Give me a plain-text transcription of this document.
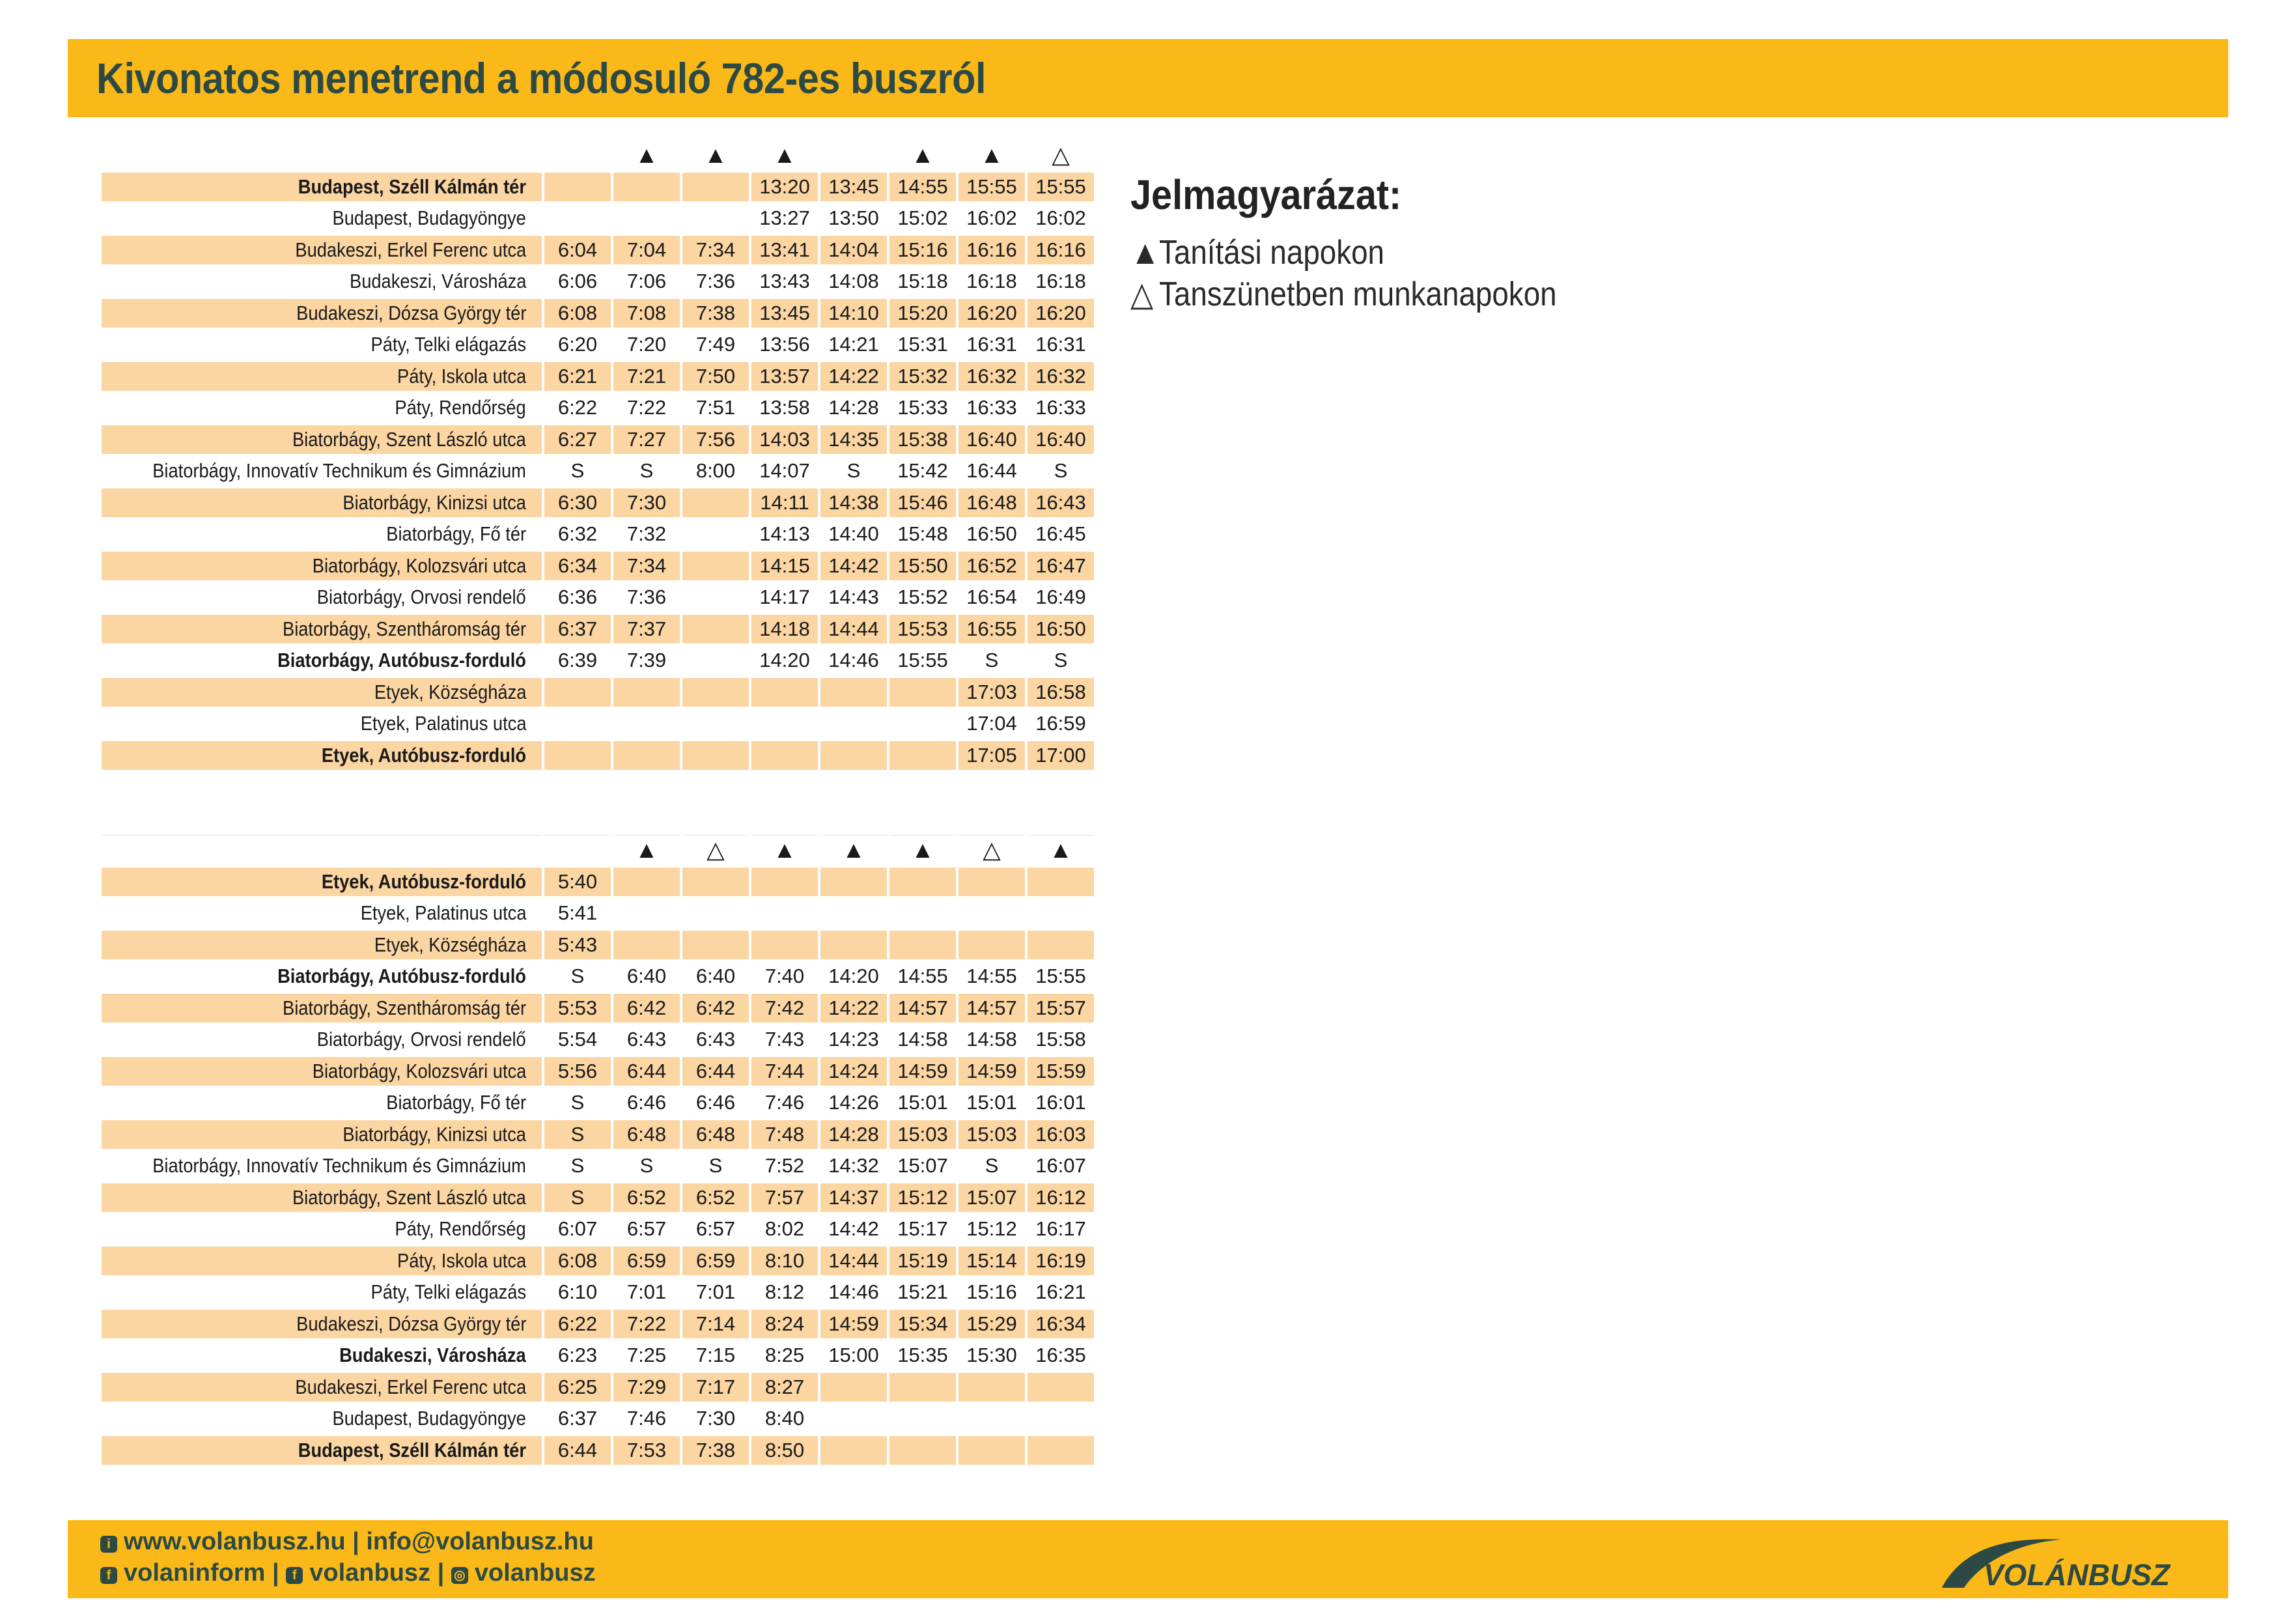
Kivonatos menetrend a módosuló 782-es buszról
		▲	▲	▲		▲	▲	△
Budapest, Széll Kálmán tér				13:20	13:45	14:55	15:55	15:55
Budapest, Budagyöngye				13:27	13:50	15:02	16:02	16:02
Budakeszi, Erkel Ferenc utca	6:04	7:04	7:34	13:41	14:04	15:16	16:16	16:16
Budakeszi, Városháza	6:06	7:06	7:36	13:43	14:08	15:18	16:18	16:18
Budakeszi, Dózsa György tér	6:08	7:08	7:38	13:45	14:10	15:20	16:20	16:20
Páty, Telki elágazás	6:20	7:20	7:49	13:56	14:21	15:31	16:31	16:31
Páty, Iskola utca	6:21	7:21	7:50	13:57	14:22	15:32	16:32	16:32
Páty, Rendőrség	6:22	7:22	7:51	13:58	14:28	15:33	16:33	16:33
Biatorbágy, Szent László utca	6:27	7:27	7:56	14:03	14:35	15:38	16:40	16:40
Biatorbágy, Innovatív Technikum és Gimnázium	S	S	8:00	14:07	S	15:42	16:44	S
Biatorbágy, Kinizsi utca	6:30	7:30		14:11	14:38	15:46	16:48	16:43
Biatorbágy, Fő tér	6:32	7:32		14:13	14:40	15:48	16:50	16:45
Biatorbágy, Kolozsvári utca	6:34	7:34		14:15	14:42	15:50	16:52	16:47
Biatorbágy, Orvosi rendelő	6:36	7:36		14:17	14:43	15:52	16:54	16:49
Biatorbágy, Szentháromság tér	6:37	7:37		14:18	14:44	15:53	16:55	16:50
Biatorbágy, Autóbusz-forduló	6:39	7:39		14:20	14:46	15:55	S	S
Etyek, Községháza							17:03	16:58
Etyek, Palatinus utca							17:04	16:59
Etyek, Autóbusz-forduló							17:05	17:00
		▲	△	▲	▲	▲	△	▲
Etyek, Autóbusz-forduló	5:40							
Etyek, Palatinus utca	5:41							
Etyek, Községháza	5:43							
Biatorbágy, Autóbusz-forduló	S	6:40	6:40	7:40	14:20	14:55	14:55	15:55
Biatorbágy, Szentháromság tér	5:53	6:42	6:42	7:42	14:22	14:57	14:57	15:57
Biatorbágy, Orvosi rendelő	5:54	6:43	6:43	7:43	14:23	14:58	14:58	15:58
Biatorbágy, Kolozsvári utca	5:56	6:44	6:44	7:44	14:24	14:59	14:59	15:59
Biatorbágy, Fő tér	S	6:46	6:46	7:46	14:26	15:01	15:01	16:01
Biatorbágy, Kinizsi utca	S	6:48	6:48	7:48	14:28	15:03	15:03	16:03
Biatorbágy, Innovatív Technikum és Gimnázium	S	S	S	7:52	14:32	15:07	S	16:07
Biatorbágy, Szent László utca	S	6:52	6:52	7:57	14:37	15:12	15:07	16:12
Páty, Rendőrség	6:07	6:57	6:57	8:02	14:42	15:17	15:12	16:17
Páty, Iskola utca	6:08	6:59	6:59	8:10	14:44	15:19	15:14	16:19
Páty, Telki elágazás	6:10	7:01	7:01	8:12	14:46	15:21	15:16	16:21
Budakeszi, Dózsa György tér	6:22	7:22	7:14	8:24	14:59	15:34	15:29	16:34
Budakeszi, Városháza	6:23	7:25	7:15	8:25	15:00	15:35	15:30	16:35
Budakeszi, Erkel Ferenc utca	6:25	7:29	7:17	8:27				
Budapest, Budagyöngye	6:37	7:46	7:30	8:40				
Budapest, Széll Kálmán tér	6:44	7:53	7:38	8:50				
Jelmagyarázat:
▲Tanítási napokon
△ Tanszünetben munkanapokon
i www.volanbusz.hu | info@volanbusz.hu
f volaninform | f volanbusz | ◎ volanbusz	VOLÁNBUSZ
